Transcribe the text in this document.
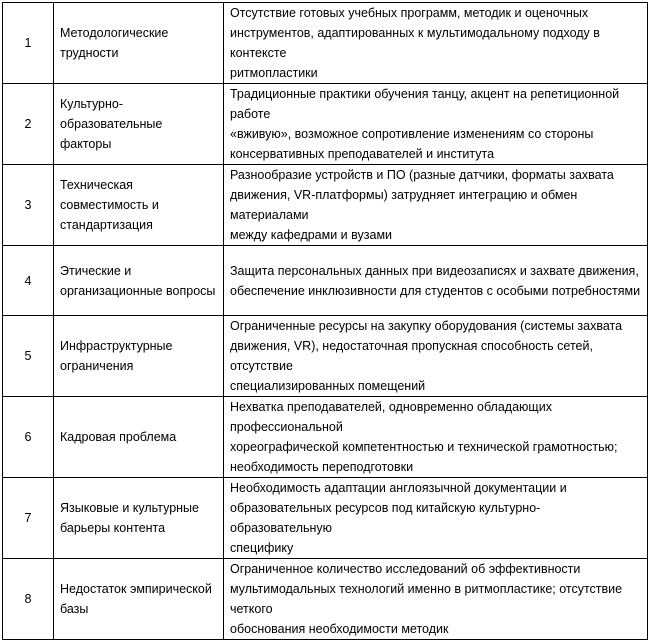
1	Методологические
трудности	Отсутствие готовых учебных программ, методик и оценочных
инструментов, адаптированных к мультимодальному подходу в контексте
ритмопластики
2	Культурно-
образовательные
факторы	Традиционные практики обучения танцу, акцент на репетиционной работе
«вживую», возможное сопротивление изменениям со стороны
консервативных преподавателей и института
3	Техническая
совместимость и
стандартизация	Разнообразие устройств и ПО (разные датчики, форматы захвата
движения, VR-платформы) затрудняет интеграцию и обмен материалами
между кафедрами и вузами
4	Этические и
организационные вопросы	Защита персональных данных при видеозаписях и захвате движения,
обеспечение инклюзивности для студентов с особыми потребностями
5	Инфраструктурные
ограничения	Ограниченные ресурсы на закупку оборудования (системы захвата
движения, VR), недостаточная пропускная способность сетей, отсутствие
специализированных помещений
6	Кадровая проблема	Нехватка преподавателей, одновременно обладающих профессиональной
хореографической компетентностью и технической грамотностью;
необходимость переподготовки
7	Языковые и культурные
барьеры контента	Необходимость адаптации англоязычной документации и
образовательных ресурсов под китайскую культурно-образовательную
специфику
8	Недостаток эмпирической
базы	Ограниченное количество исследований об эффективности
мультимодальных технологий именно в ритмопластике; отсутствие четкого
обоснования необходимости методик
